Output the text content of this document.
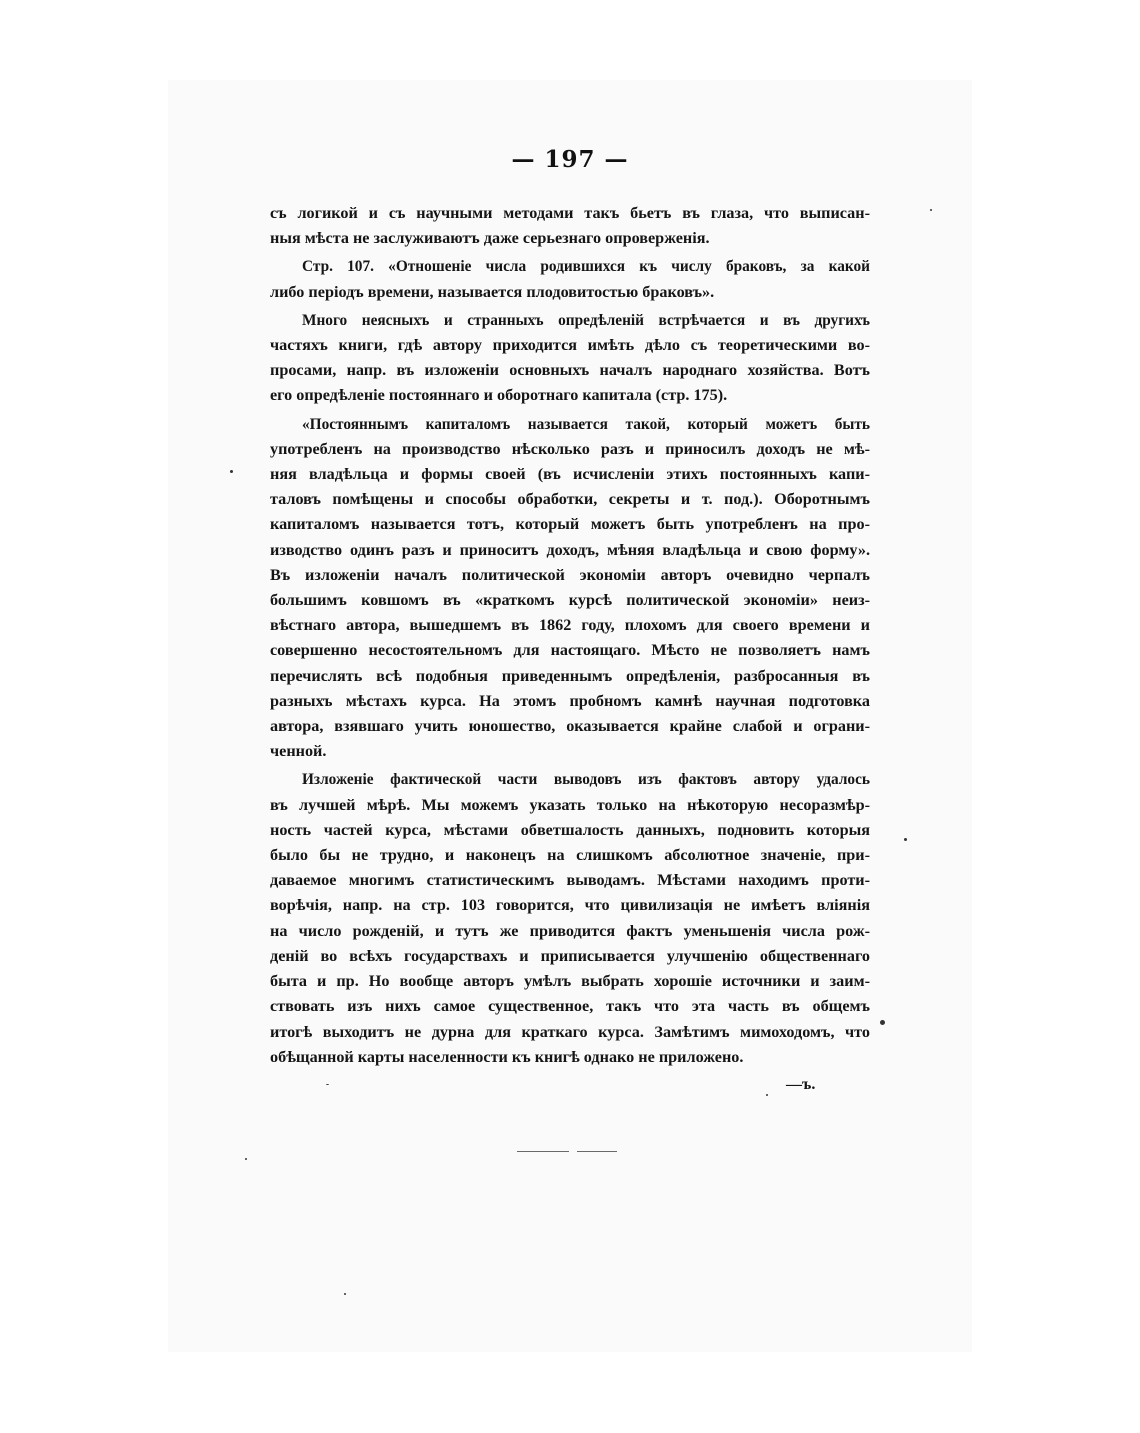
— 197 —

съ логикой и съ научными методами такъ бьетъ въ глаза, что выписан-

ныя мѣста не заслуживаютъ даже серьезнаго опроверженія.

Стр. 107. «Отношеніе числа родившихся къ числу браковъ, за какой

либо періодъ времени, называется плодовитостью браковъ».

Много неясныхъ и странныхъ опредѣленій встрѣчается и въ другихъ

частяхъ книги, гдѣ автору приходится имѣть дѣло съ теоретическими во-

просами, напр. въ изложеніи основныхъ началъ народнаго хозяйства. Вотъ

его опредѣленіе постояннаго и оборотнаго капитала (стр. 175).

«Постояннымъ капиталомъ называется такой, который можетъ быть

употребленъ на производство нѣсколько разъ и приносилъ доходъ не мѣ-

няя владѣльца и формы своей (въ исчисленіи этихъ постоянныхъ капи-

таловъ помѣщены и способы обработки, секреты и т. под.). Оборотнымъ

капиталомъ называется тотъ, который можетъ быть употребленъ на про-

изводство одинъ разъ и приноситъ доходъ, мѣняя владѣльца и свою форму».

Въ изложеніи началъ политической экономіи авторъ очевидно черпалъ

большимъ ковшомъ въ «краткомъ курсѣ политической экономіи» неиз-

вѣстнаго автора, вышедшемъ въ 1862 году, плохомъ для своего времени и

совершенно несостоятельномъ для настоящаго. Мѣсто не позволяетъ намъ

перечислять всѣ подобныя приведеннымъ опредѣленія, разбросанныя въ

разныхъ мѣстахъ курса. На этомъ пробномъ камнѣ научная подготовка

автора, взявшаго учить юношество, оказывается крайне слабой и ограни-

ченной.

Изложеніе фактической части выводовъ изъ фактовъ автору удалось

въ лучшей мѣрѣ. Мы можемъ указать только на нѣкоторую несоразмѣр-

ность частей курса, мѣстами обветшалость данныхъ, подновить которыя

было бы не трудно, и наконецъ на слишкомъ абсолютное значеніе, при-

даваемое многимъ статистическимъ выводамъ. Мѣстами находимъ проти-

ворѣчія, напр. на стр. 103 говорится, что цивилизація не имѣетъ вліянія

на число рожденій, и тутъ же приводится фактъ уменьшенія числа рож-

деній во всѣхъ государствахъ и приписывается улучшенію общественнаго

быта и пр. Но вообще авторъ умѣлъ выбрать хорошіе источники и заим-

ствовать изъ нихъ самое существенное, такъ что эта часть въ общемъ

итогѣ выходитъ не дурна для краткаго курса. Замѣтимъ мимоходомъ, что

обѣщанной карты населенности къ книгѣ однако не приложено.

—ъ.
